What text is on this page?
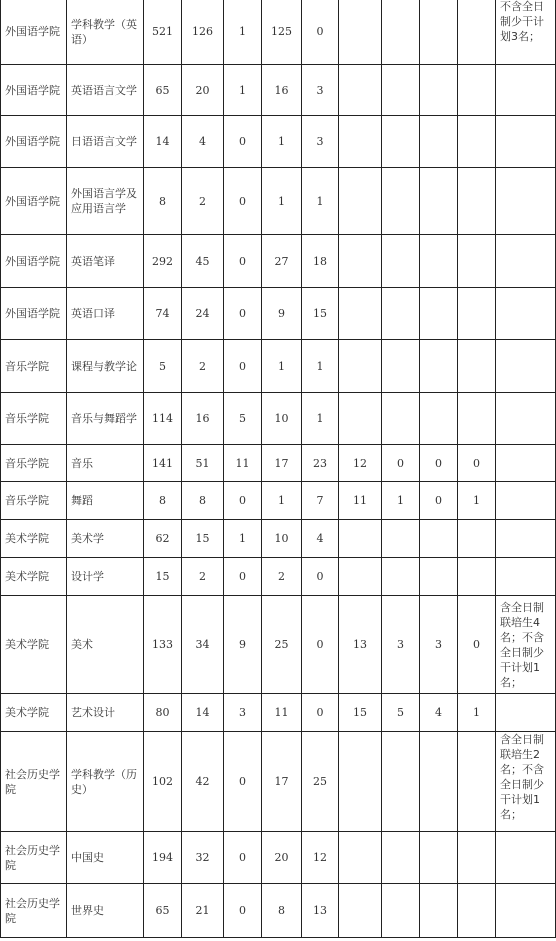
外国语学院	学科教学（英语）	521	126	1	125	0					不含全日制少干计划3名；
外国语学院	英语语言文学	65	20	1	16	3					
外国语学院	日语语言文学	14	4	0	1	3					
外国语学院	外国语言学及应用语言学	8	2	0	1	1					
外国语学院	英语笔译	292	45	0	27	18					
外国语学院	英语口译	74	24	0	9	15					
音乐学院	课程与教学论	5	2	0	1	1					
音乐学院	音乐与舞蹈学	114	16	5	10	1					
音乐学院	音乐	141	51	11	17	23	12	0	0	0	
音乐学院	舞蹈	8	8	0	1	7	11	1	0	1	
美术学院	美术学	62	15	1	10	4					
美术学院	设计学	15	2	0	2	0					
美术学院	美术	133	34	9	25	0	13	3	3	0	含全日制联培生4名；不含全日制少干计划1名；
美术学院	艺术设计	80	14	3	11	0	15	5	4	1	
社会历史学院	学科教学（历史）	102	42	0	17	25					含全日制联培生2名；不含全日制少干计划1名；
社会历史学院	中国史	194	32	0	20	12					
社会历史学院	世界史	65	21	0	8	13					
